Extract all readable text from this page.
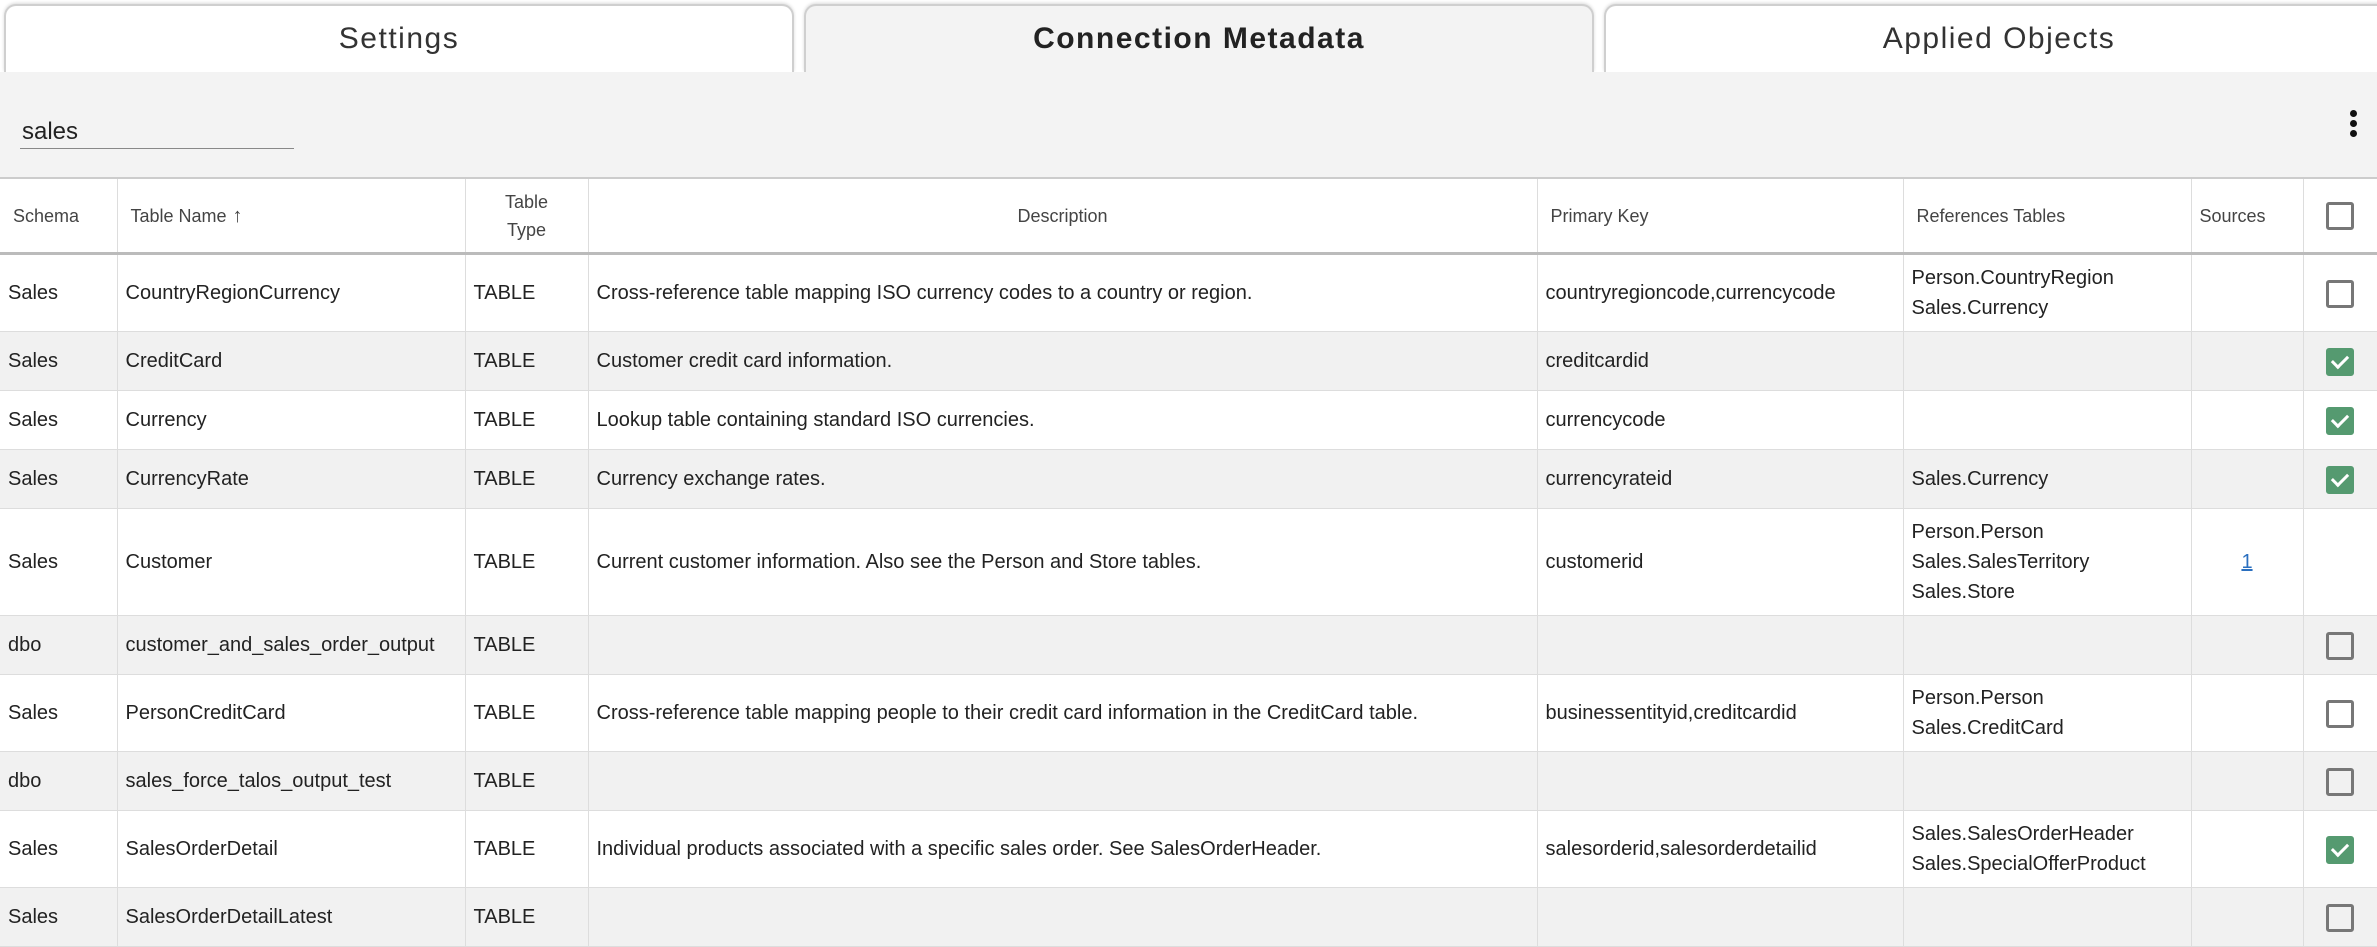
Settings	Connection Metadata	Applied Objects
sales
Schema	Table Name ↑	Table Type	Description	Primary Key	References Tables	Sources	
Sales	CountryRegionCurrency	TABLE	Cross-reference table mapping ISO currency codes to a country or region.	countryregioncode,currencycode	Person.CountryRegion
Sales.Currency		

Sales	CreditCard	TABLE	Customer credit card information.	creditcardid			
Sales	Currency	TABLE	Lookup table containing standard ISO currencies.	currencycode			
Sales	CurrencyRate	TABLE	Currency exchange rates.	currencyrateid	Sales.Currency		

Sales	Customer	TABLE	Current customer information. Also see the Person and Store tables.	customerid	Person.Person
Sales.SalesTerritory
Sales.Store	1	
dbo	customer_and_sales_order_output	TABLE					
Sales	PersonCreditCard	TABLE	Cross-reference table mapping people to their credit card information in the CreditCard table.	businessentityid,creditcardid	Person.Person
Sales.CreditCard		

dbo	sales_force_talos_output_test	TABLE					
Sales	SalesOrderDetail	TABLE	Individual products associated with a specific sales order. See SalesOrderHeader.	salesorderid,salesorderdetailid	Sales.SalesOrderHeader
Sales.SpecialOfferProduct		

Sales	SalesOrderDetailLatest	TABLE					
